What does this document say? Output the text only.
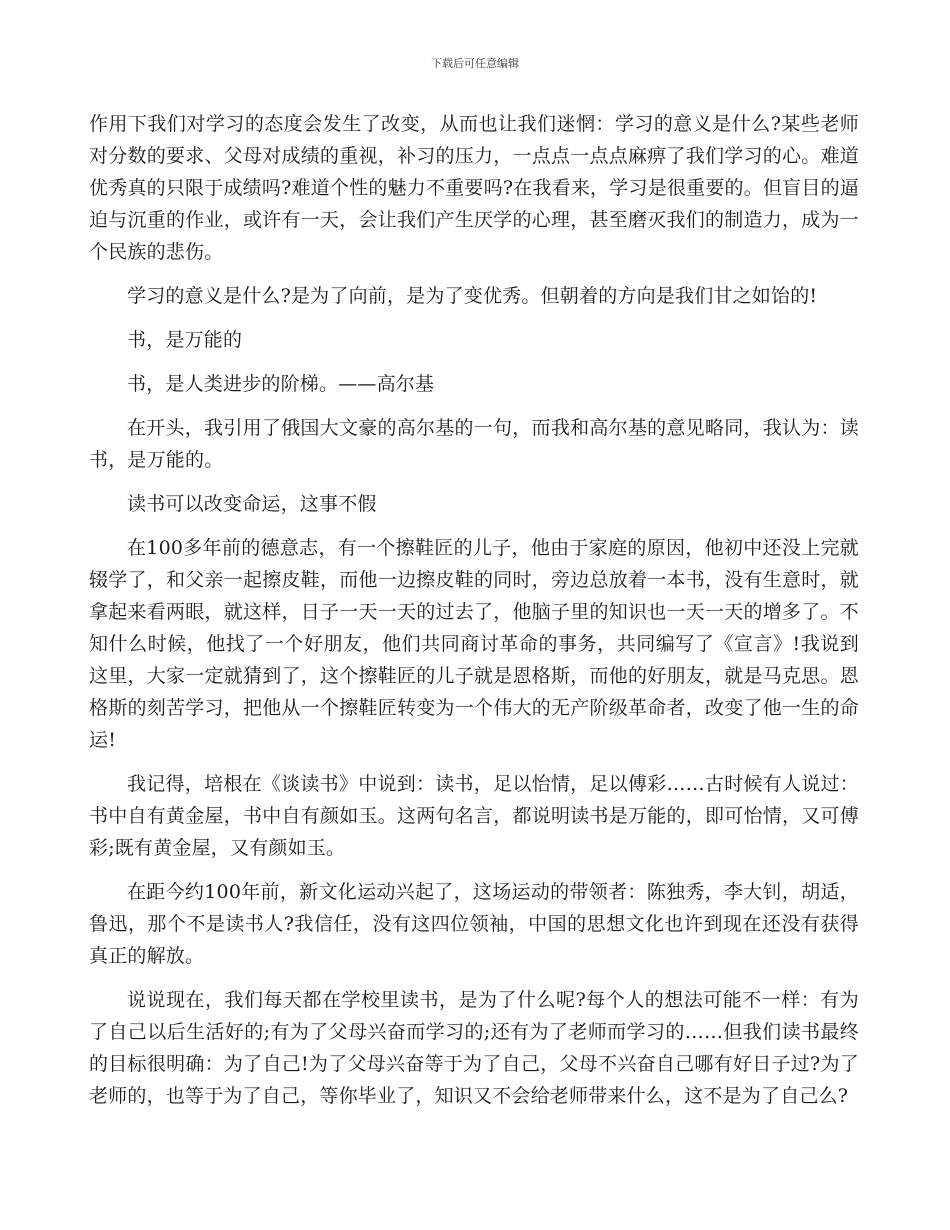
下载后可任意编辑

作用下我们对学习的态度会发生了改变，从而也让我们迷惘：学习的意义是什么?某些老师对分数的要求、父母对成绩的重视，补习的压力，一点点一点点麻痹了我们学习的心。难道优秀真的只限于成绩吗?难道个性的魅力不重要吗?在我看来，学习是很重要的。但盲目的逼迫与沉重的作业，或许有一天，会让我们产生厌学的心理，甚至磨灭我们的制造力，成为一个民族的悲伤。

学习的意义是什么?是为了向前，是为了变优秀。但朝着的方向是我们甘之如饴的!

书，是万能的

书，是人类进步的阶梯。——高尔基

在开头，我引用了俄国大文豪的高尔基的一句，而我和高尔基的意见略同，我认为：读书，是万能的。

读书可以改变命运，这事不假

在100多年前的德意志，有一个擦鞋匠的儿子，他由于家庭的原因，他初中还没上完就辍学了，和父亲一起擦皮鞋，而他一边擦皮鞋的同时，旁边总放着一本书，没有生意时，就拿起来看两眼，就这样，日子一天一天的过去了，他脑子里的知识也一天一天的增多了。不知什么时候，他找了一个好朋友，他们共同商讨革命的事务，共同编写了《宣言》!我说到这里，大家一定就猜到了，这个擦鞋匠的儿子就是恩格斯，而他的好朋友，就是马克思。恩格斯的刻苦学习，把他从一个擦鞋匠转变为一个伟大的无产阶级革命者，改变了他一生的命运!

我记得，培根在《谈读书》中说到：读书，足以怡情，足以傅彩……古时候有人说过：书中自有黄金屋，书中自有颜如玉。这两句名言，都说明读书是万能的，即可怡情，又可傅彩;既有黄金屋，又有颜如玉。

在距今约100年前，新文化运动兴起了，这场运动的带领者：陈独秀，李大钊，胡适，鲁迅，那个不是读书人?我信任，没有这四位领袖，中国的思想文化也许到现在还没有获得真正的解放。

说说现在，我们每天都在学校里读书，是为了什么呢?每个人的想法可能不一样：有为了自己以后生活好的;有为了父母兴奋而学习的;还有为了老师而学习的……但我们读书最终的目标很明确：为了自己!为了父母兴奋等于为了自己，父母不兴奋自己哪有好日子过?为了老师的，也等于为了自己，等你毕业了，知识又不会给老师带来什么，这不是为了自己么?
